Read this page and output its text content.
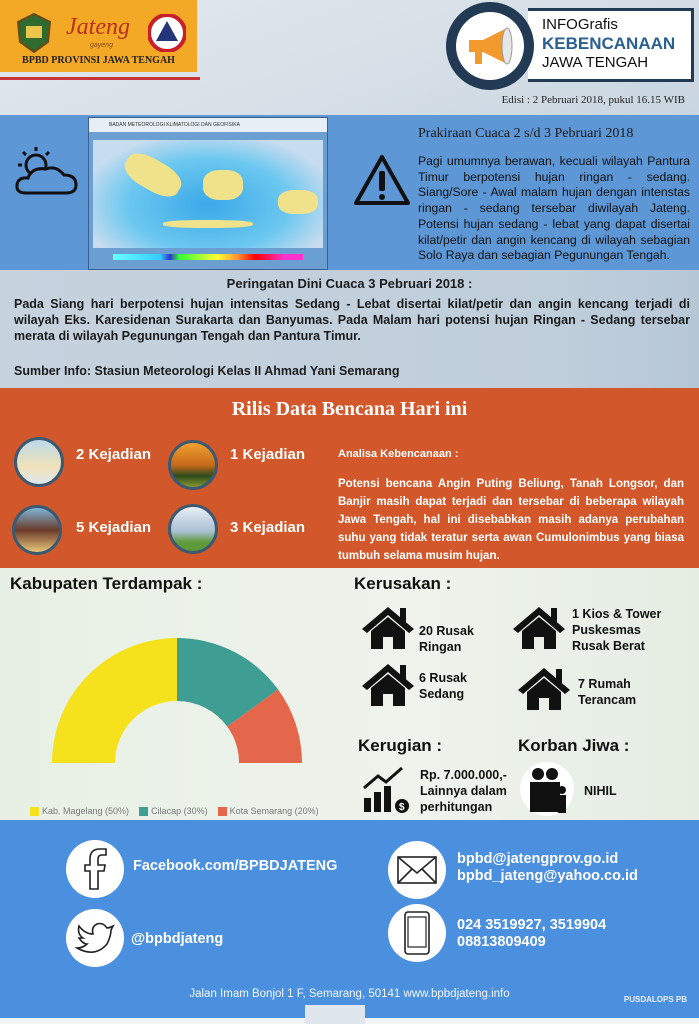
Jateng
gayeng
BPBD PROVINSI JAWA TENGAH
INFOGrafis
KEBENCANAAN
JAWA TENGAH
Edisi : 2 Pebruari 2018, pukul 16.15 WIB
BADAN METEOROLOGI KLIMATOLOGI DAN GEOFISIKA
Prakiraan Cuaca 2 s/d 3 Pebruari 2018
Pagi umumnya berawan, kecuali wilayah Pantura Timur berpotensi hujan ringan - sedang. Siang/Sore - Awal malam hujan dengan intenstas ringan - sedang tersebar diwilayah Jateng. Potensi hujan sedang - lebat yang dapat disertai kilat/petir dan angin kencang di wilayah sebagian Solo Raya dan sebagian Pegunungan Tengah.
Peringatan Dini Cuaca 3 Pebruari 2018 :
Pada Siang hari berpotensi hujan intensitas Sedang - Lebat disertai kilat/petir dan angin kencang terjadi di wilayah Eks. Karesidenan Surakarta dan Banyumas. Pada Malam hari potensi hujan Ringan - Sedang tersebar merata di wilayah Pegunungan Tengah dan Pantura Timur.
Sumber Info: Stasiun Meteorologi Kelas II Ahmad Yani Semarang
Rilis Data Bencana Hari ini
2 Kejadian	1 Kejadian
5 Kejadian	3 Kejadian
Analisa Kebencanaan :
Potensi bencana Angin Puting Beliung, Tanah Longsor, dan Banjir masih dapat terjadi dan tersebar di beberapa wilayah Jawa Tengah, hal ini disebabkan masih adanya perubahan suhu yang tidak teratur serta awan Cumulonimbus yang biasa tumbuh selama musim hujan.
Kabupaten Terdampak :
Kab. Magelang (50%) Cilacap (30%) Kota Semarang (20%)
Kerusakan :
20 Rusak
Ringan
1 Kios & Tower
Puskesmas
Rusak Berat
6 Rusak
Sedang
7 Rumah
Terancam
Kerugian :
$
Rp. 7.000.000,-
Lainnya dalam
perhitungan
Korban Jiwa :
NIHIL
Facebook.com/BPBDJATENG
@bpbdjateng
bpbd@jatengprov.go.id
bpbd_jateng@yahoo.co.id
024 3519927, 3519904
08813809409
Jalan Imam Bonjol 1 F, Semarang, 50141 www.bpbdjateng.info	PUSDALOPS PB
